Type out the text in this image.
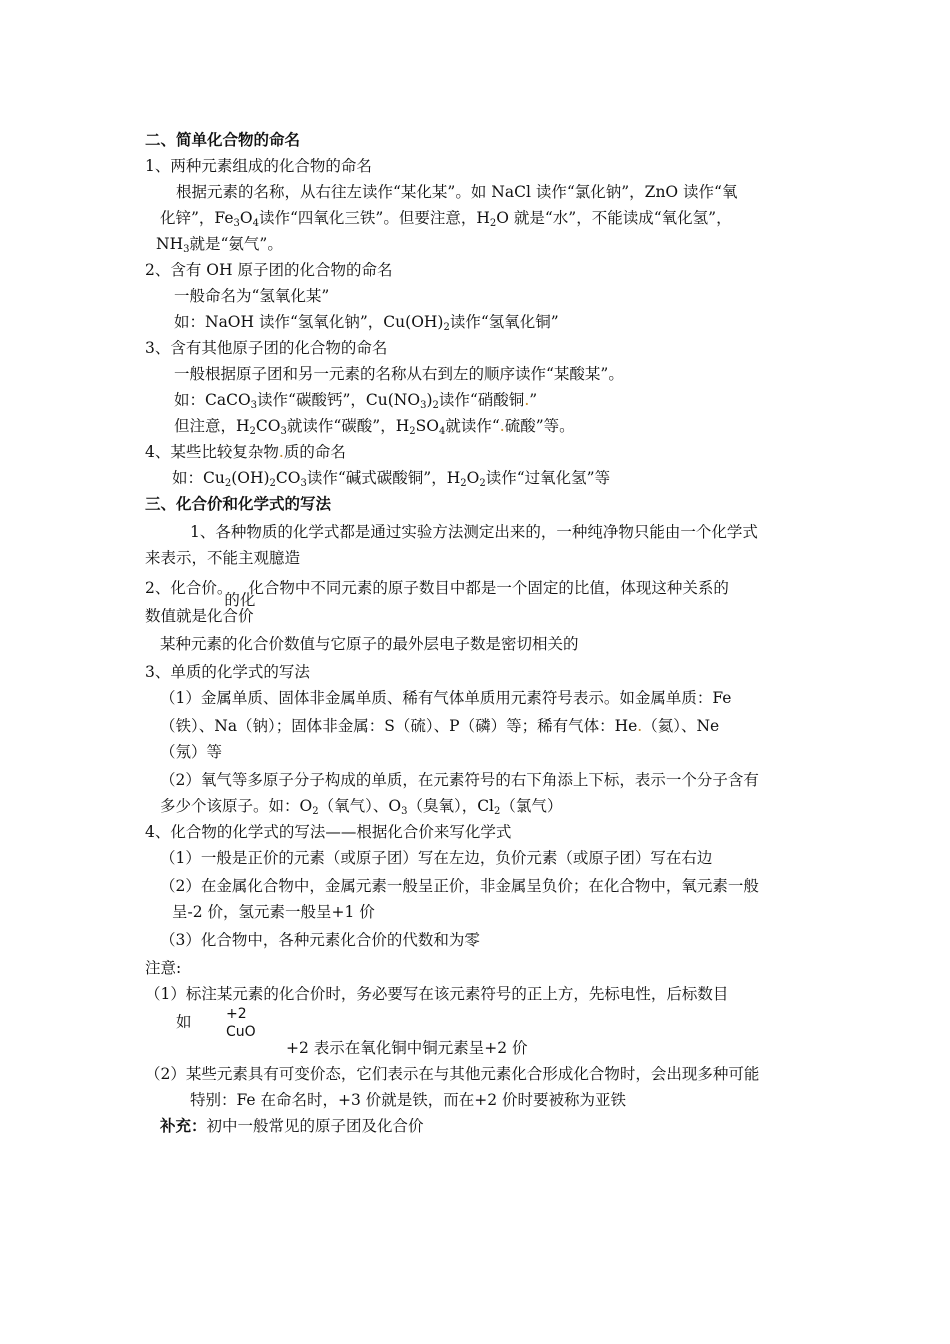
二、简单化合物的命名
1、两种元素组成的化合物的命名
根据元素的名称，从右往左读作“某化某”。如 NaCl 读作“氯化钠”，ZnO 读作“氧
化锌”，$Fe_3O_4$读作“四氧化三铁”。但要注意，$H_2O$ 就是“水”，不能读成“氧化氢”，
$NH_3$就是“氨气”。
2、含有 OH 原子团的化合物的命名
一般命名为“氢氧化某”
如：NaOH 读作“氢氧化钠”，$Cu(OH)_2$读作“氢氧化铜”
3、含有其他原子团的化合物的命名
一般根据原子团和另一元素的名称从右到左的顺序读作“某酸某”。
如：CaCO$_3$读作“碳酸钙”，$Cu(NO_3)_2$读作“硝酸铜.”
但注意，$H_2CO_3$就读作“碳酸”，$H_2SO_4$就读作“.硫酸”等。
4、某些比较复杂物.质的命名
如：$Cu_2(OH)_2CO_3$读作“碱式碳酸铜”，$H_2O_2$读作“过氧化氢”等
三、化合价和化学式的写法
1、各种物质的化学式都是通过实验方法测定出来的，一种纯净物只能由一个化学式
来表示，不能主观臆造
2、化合价。
的化
化合物中不同元素的原子数目中都是一个固定的比值，体现这种关系的
数值就是化合价
某种元素的化合价数值与它原子的最外层电子数是密切相关的
3、单质的化学式的写法
（1）金属单质、固体非金属单质、稀有气体单质用元素符号表示。如金属单质：Fe
（铁）、Na（钠）；固体非金属：S（硫）、P（磷）等；稀有气体：He.（氦）、Ne
（氖）等
（2）氧气等多原子分子构成的单质，在元素符号的右下角添上下标，表示一个分子含有
多少个该原子。如：$O_2$（氧气）、$O_3$（臭氧），$Cl_2$（氯气）
4、化合物的化学式的写法——根据化合价来写化学式
（1）一般是正价的元素（或原子团）写在左边，负价元素（或原子团）写在右边
（2）在金属化合物中，金属元素一般呈正价，非金属呈负价；在化合物中，氧元素一般
呈-2 价，氢元素一般呈+1 价
（3）化合物中，各种元素化合价的代数和为零
注意:
（1）标注某元素的化合价时，务必要写在该元素符号的正上方，先标电性，后标数目
如 +2
CuO
+2 表示在氧化铜中铜元素呈+2 价
（2）某些元素具有可变价态，它们表示在与其他元素化合形成化合物时，会出现多种可能
特别：Fe 在命名时，+3 价就是铁，而在+2 价时要被称为亚铁
补充：初中一般常见的原子团及化合价
